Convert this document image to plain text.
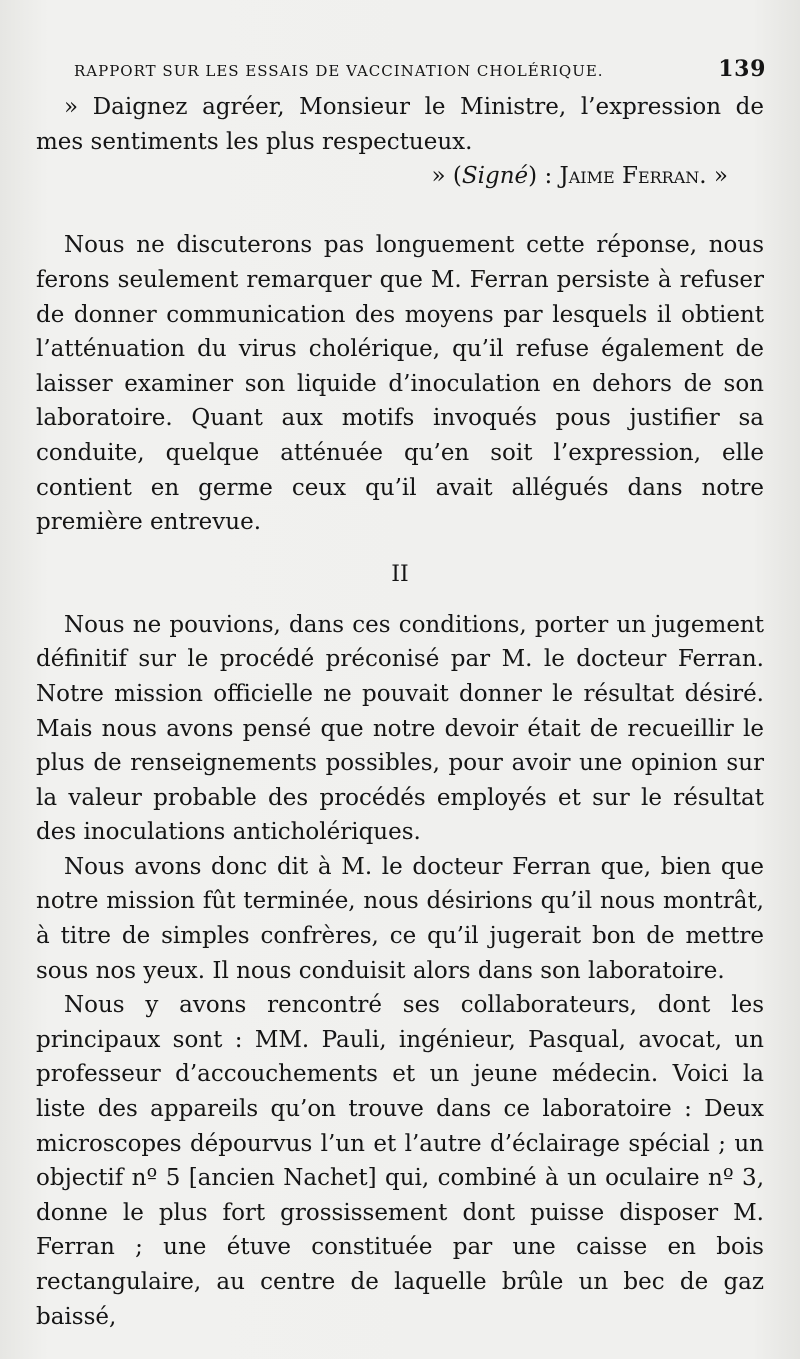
RAPPORT SUR LES ESSAIS DE VACCINATION CHOLÉRIQUE.	139

» Daignez agréer, Monsieur le Ministre, l’expression de mes sentiments les plus respectueux.

» (Signé) : Jaime Ferran. »

Nous ne discuterons pas longuement cette réponse, nous ferons seulement remarquer que M. Ferran persiste à refuser de donner communication des moyens par lesquels il obtient l’atténuation du virus cholérique, qu’il refuse également de laisser examiner son liquide d’inoculation en dehors de son laboratoire. Quant aux motifs invoqués pous justifier sa conduite, quelque atténuée qu’en soit l’expression, elle contient en germe ceux qu’il avait allégués dans notre première entrevue.

II

Nous ne pouvions, dans ces conditions, porter un jugement définitif sur le procédé préconisé par M. le docteur Ferran. Notre mission officielle ne pouvait donner le résultat désiré. Mais nous avons pensé que notre devoir était de recueillir le plus de renseignements possibles, pour avoir une opinion sur la valeur probable des procédés employés et sur le résultat des inoculations anticholériques.

Nous avons donc dit à M. le docteur Ferran que, bien que notre mission fût terminée, nous désirions qu’il nous montrât, à titre de simples confrères, ce qu’il jugerait bon de mettre sous nos yeux. Il nous conduisit alors dans son laboratoire.

Nous y avons rencontré ses collaborateurs, dont les principaux sont : MM. Pauli, ingénieur, Pasqual, avocat, un professeur d’accouchements et un jeune médecin. Voici la liste des appareils qu’on trouve dans ce laboratoire : Deux microscopes dépourvus l’un et l’autre d’éclairage spécial ; un objectif nº 5 [ancien Nachet] qui, combiné à un oculaire nº 3, donne le plus fort grossissement dont puisse disposer M. Ferran ; une étuve constituée par une caisse en bois rectangulaire, au centre de laquelle brûle un bec de gaz baissé,
